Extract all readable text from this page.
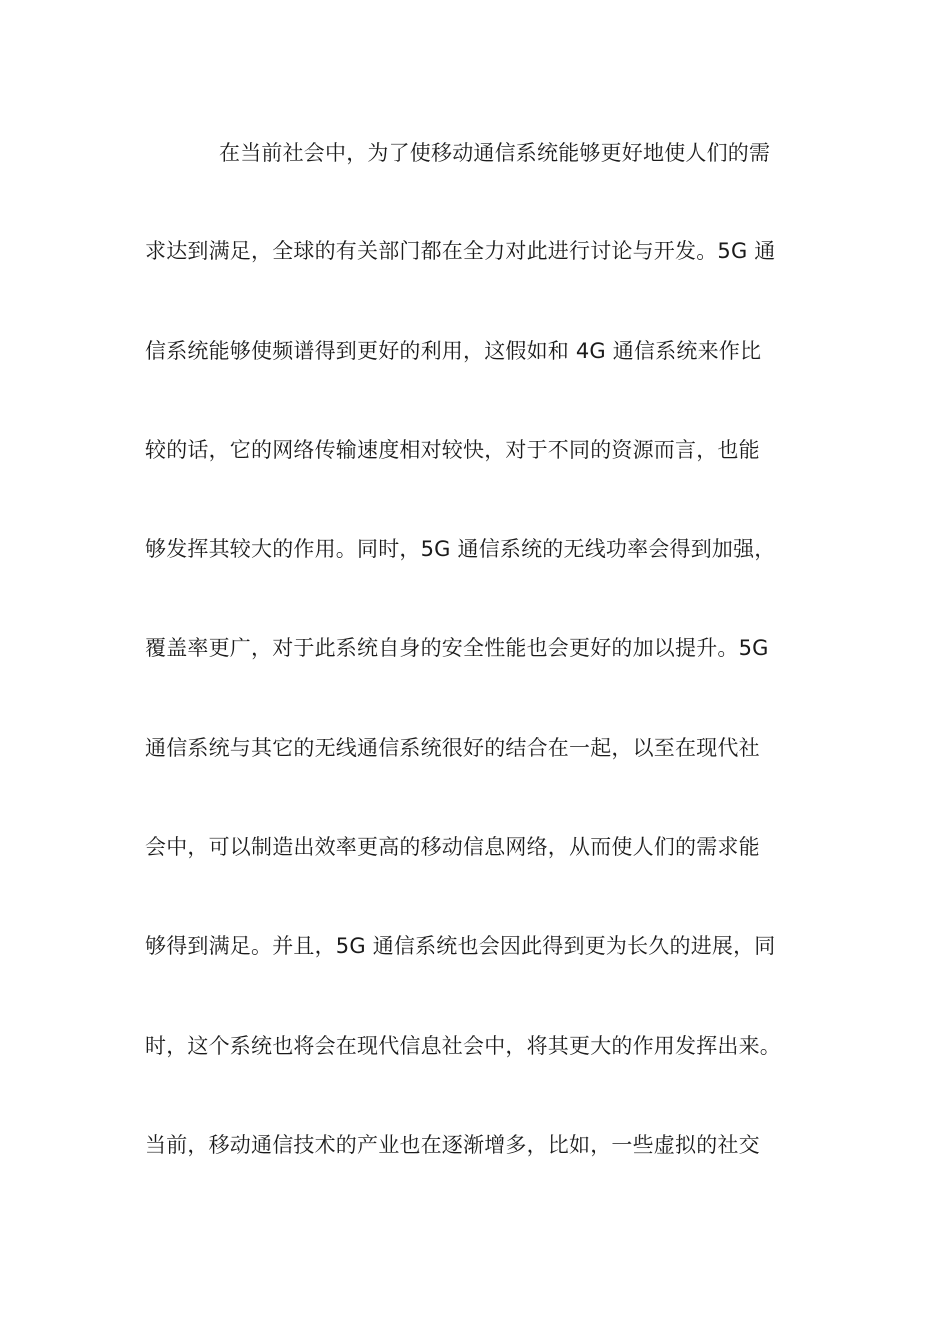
在当前社会中，为了使移动通信系统能够更好地使人们的需
求达到满足，全球的有关部门都在全力对此进行讨论与开发。5G 通
信系统能够使频谱得到更好的利用，这假如和 4G 通信系统来作比
较的话，它的网络传输速度相对较快，对于不同的资源而言，也能
够发挥其较大的作用。同时，5G 通信系统的无线功率会得到加强，
覆盖率更广，对于此系统自身的安全性能也会更好的加以提升。5G
通信系统与其它的无线通信系统很好的结合在一起，以至在现代社
会中，可以制造出效率更高的移动信息网络，从而使人们的需求能
够得到满足。并且，5G 通信系统也会因此得到更为长久的进展，同
时，这个系统也将会在现代信息社会中，将其更大的作用发挥出来。
当前，移动通信技术的产业也在逐渐增多，比如，一些虚拟的社交
